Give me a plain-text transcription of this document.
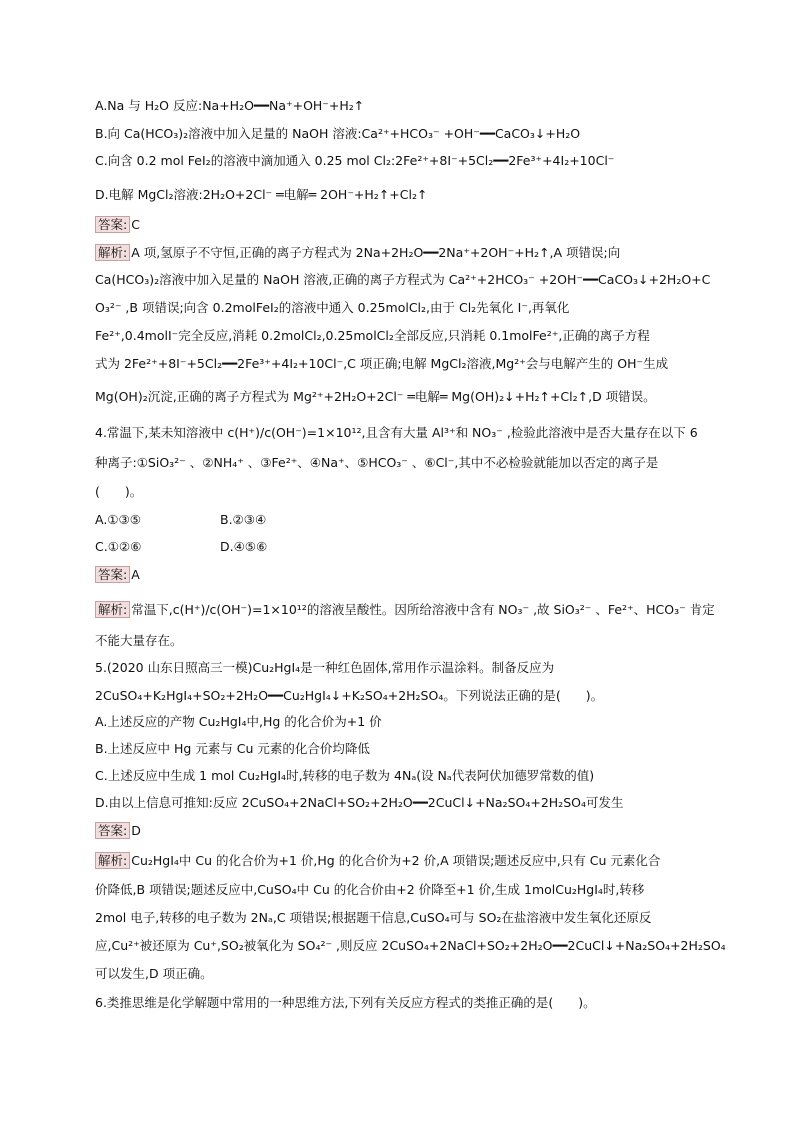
A.Na 与 H₂O 反应:Na+H₂O━━Na⁺+OH⁻+H₂↑
B.向 Ca(HCO₃)₂溶液中加入足量的 NaOH 溶液:Ca²⁺+HCO₃⁻ +OH⁻━━CaCO₃↓+H₂O
C.向含 0.2 mol FeI₂的溶液中滴加通入 0.25 mol Cl₂:2Fe²⁺+8I⁻+5Cl₂━━2Fe³⁺+4I₂+10Cl⁻
D.电解 MgCl₂溶液:2H₂O+2Cl⁻ ═电解═ 2OH⁻+H₂↑+Cl₂↑
答案: C
解析: A 项,氢原子不守恒,正确的离子方程式为 2Na+2H₂O━━2Na⁺+2OH⁻+H₂↑,A 项错误;向
Ca(HCO₃)₂溶液中加入足量的 NaOH 溶液,正确的离子方程式为 Ca²⁺+2HCO₃⁻ +2OH⁻━━CaCO₃↓+2H₂O+C
O₃²⁻ ,B 项错误;向含 0.2molFeI₂的溶液中通入 0.25molCl₂,由于 Cl₂先氧化 I⁻,再氧化
Fe²⁺,0.4molI⁻完全反应,消耗 0.2molCl₂,0.25molCl₂全部反应,只消耗 0.1molFe²⁺,正确的离子方程
式为 2Fe²⁺+8I⁻+5Cl₂━━2Fe³⁺+4I₂+10Cl⁻,C 项正确;电解 MgCl₂溶液,Mg²⁺会与电解产生的 OH⁻生成
Mg(OH)₂沉淀,正确的离子方程式为 Mg²⁺+2H₂O+2Cl⁻ ═电解═ Mg(OH)₂↓+H₂↑+Cl₂↑,D 项错误。
4.常温下,某未知溶液中 c(H⁺)/c(OH⁻)=1×10¹²,且含有大量 Al³⁺和 NO₃⁻ ,检验此溶液中是否大量存在以下 6
种离子:①SiO₃²⁻ 、②NH₄⁺ 、③Fe²⁺、④Na⁺、⑤HCO₃⁻ 、⑥Cl⁻,其中不必检验就能加以否定的离子是
(　　)。
A.①③⑤	B.②③④
C.①②⑥	D.④⑤⑥
答案: A
解析: 常温下,c(H⁺)/c(OH⁻)=1×10¹²的溶液呈酸性。因所给溶液中含有 NO₃⁻ ,故 SiO₃²⁻ 、Fe²⁺、HCO₃⁻ 肯定
不能大量存在。
5.(2020 山东日照高三一模)Cu₂HgI₄是一种红色固体,常用作示温涂料。制备反应为
2CuSO₄+K₂HgI₄+SO₂+2H₂O━━Cu₂HgI₄↓+K₂SO₄+2H₂SO₄。下列说法正确的是(　　)。
A.上述反应的产物 Cu₂HgI₄中,Hg 的化合价为+1 价
B.上述反应中 Hg 元素与 Cu 元素的化合价均降低
C.上述反应中生成 1 mol Cu₂HgI₄时,转移的电子数为 4Nₐ(设 Nₐ代表阿伏加德罗常数的值)
D.由以上信息可推知:反应 2CuSO₄+2NaCl+SO₂+2H₂O━━2CuCl↓+Na₂SO₄+2H₂SO₄可发生
答案: D
解析: Cu₂HgI₄中 Cu 的化合价为+1 价,Hg 的化合价为+2 价,A 项错误;题述反应中,只有 Cu 元素化合
价降低,B 项错误;题述反应中,CuSO₄中 Cu 的化合价由+2 价降至+1 价,生成 1molCu₂HgI₄时,转移
2mol 电子,转移的电子数为 2Nₐ,C 项错误;根据题干信息,CuSO₄可与 SO₂在盐溶液中发生氧化还原反
应,Cu²⁺被还原为 Cu⁺,SO₂被氧化为 SO₄²⁻ ,则反应 2CuSO₄+2NaCl+SO₂+2H₂O━━2CuCl↓+Na₂SO₄+2H₂SO₄
可以发生,D 项正确。
6.类推思维是化学解题中常用的一种思维方法,下列有关反应方程式的类推正确的是(　　)。
